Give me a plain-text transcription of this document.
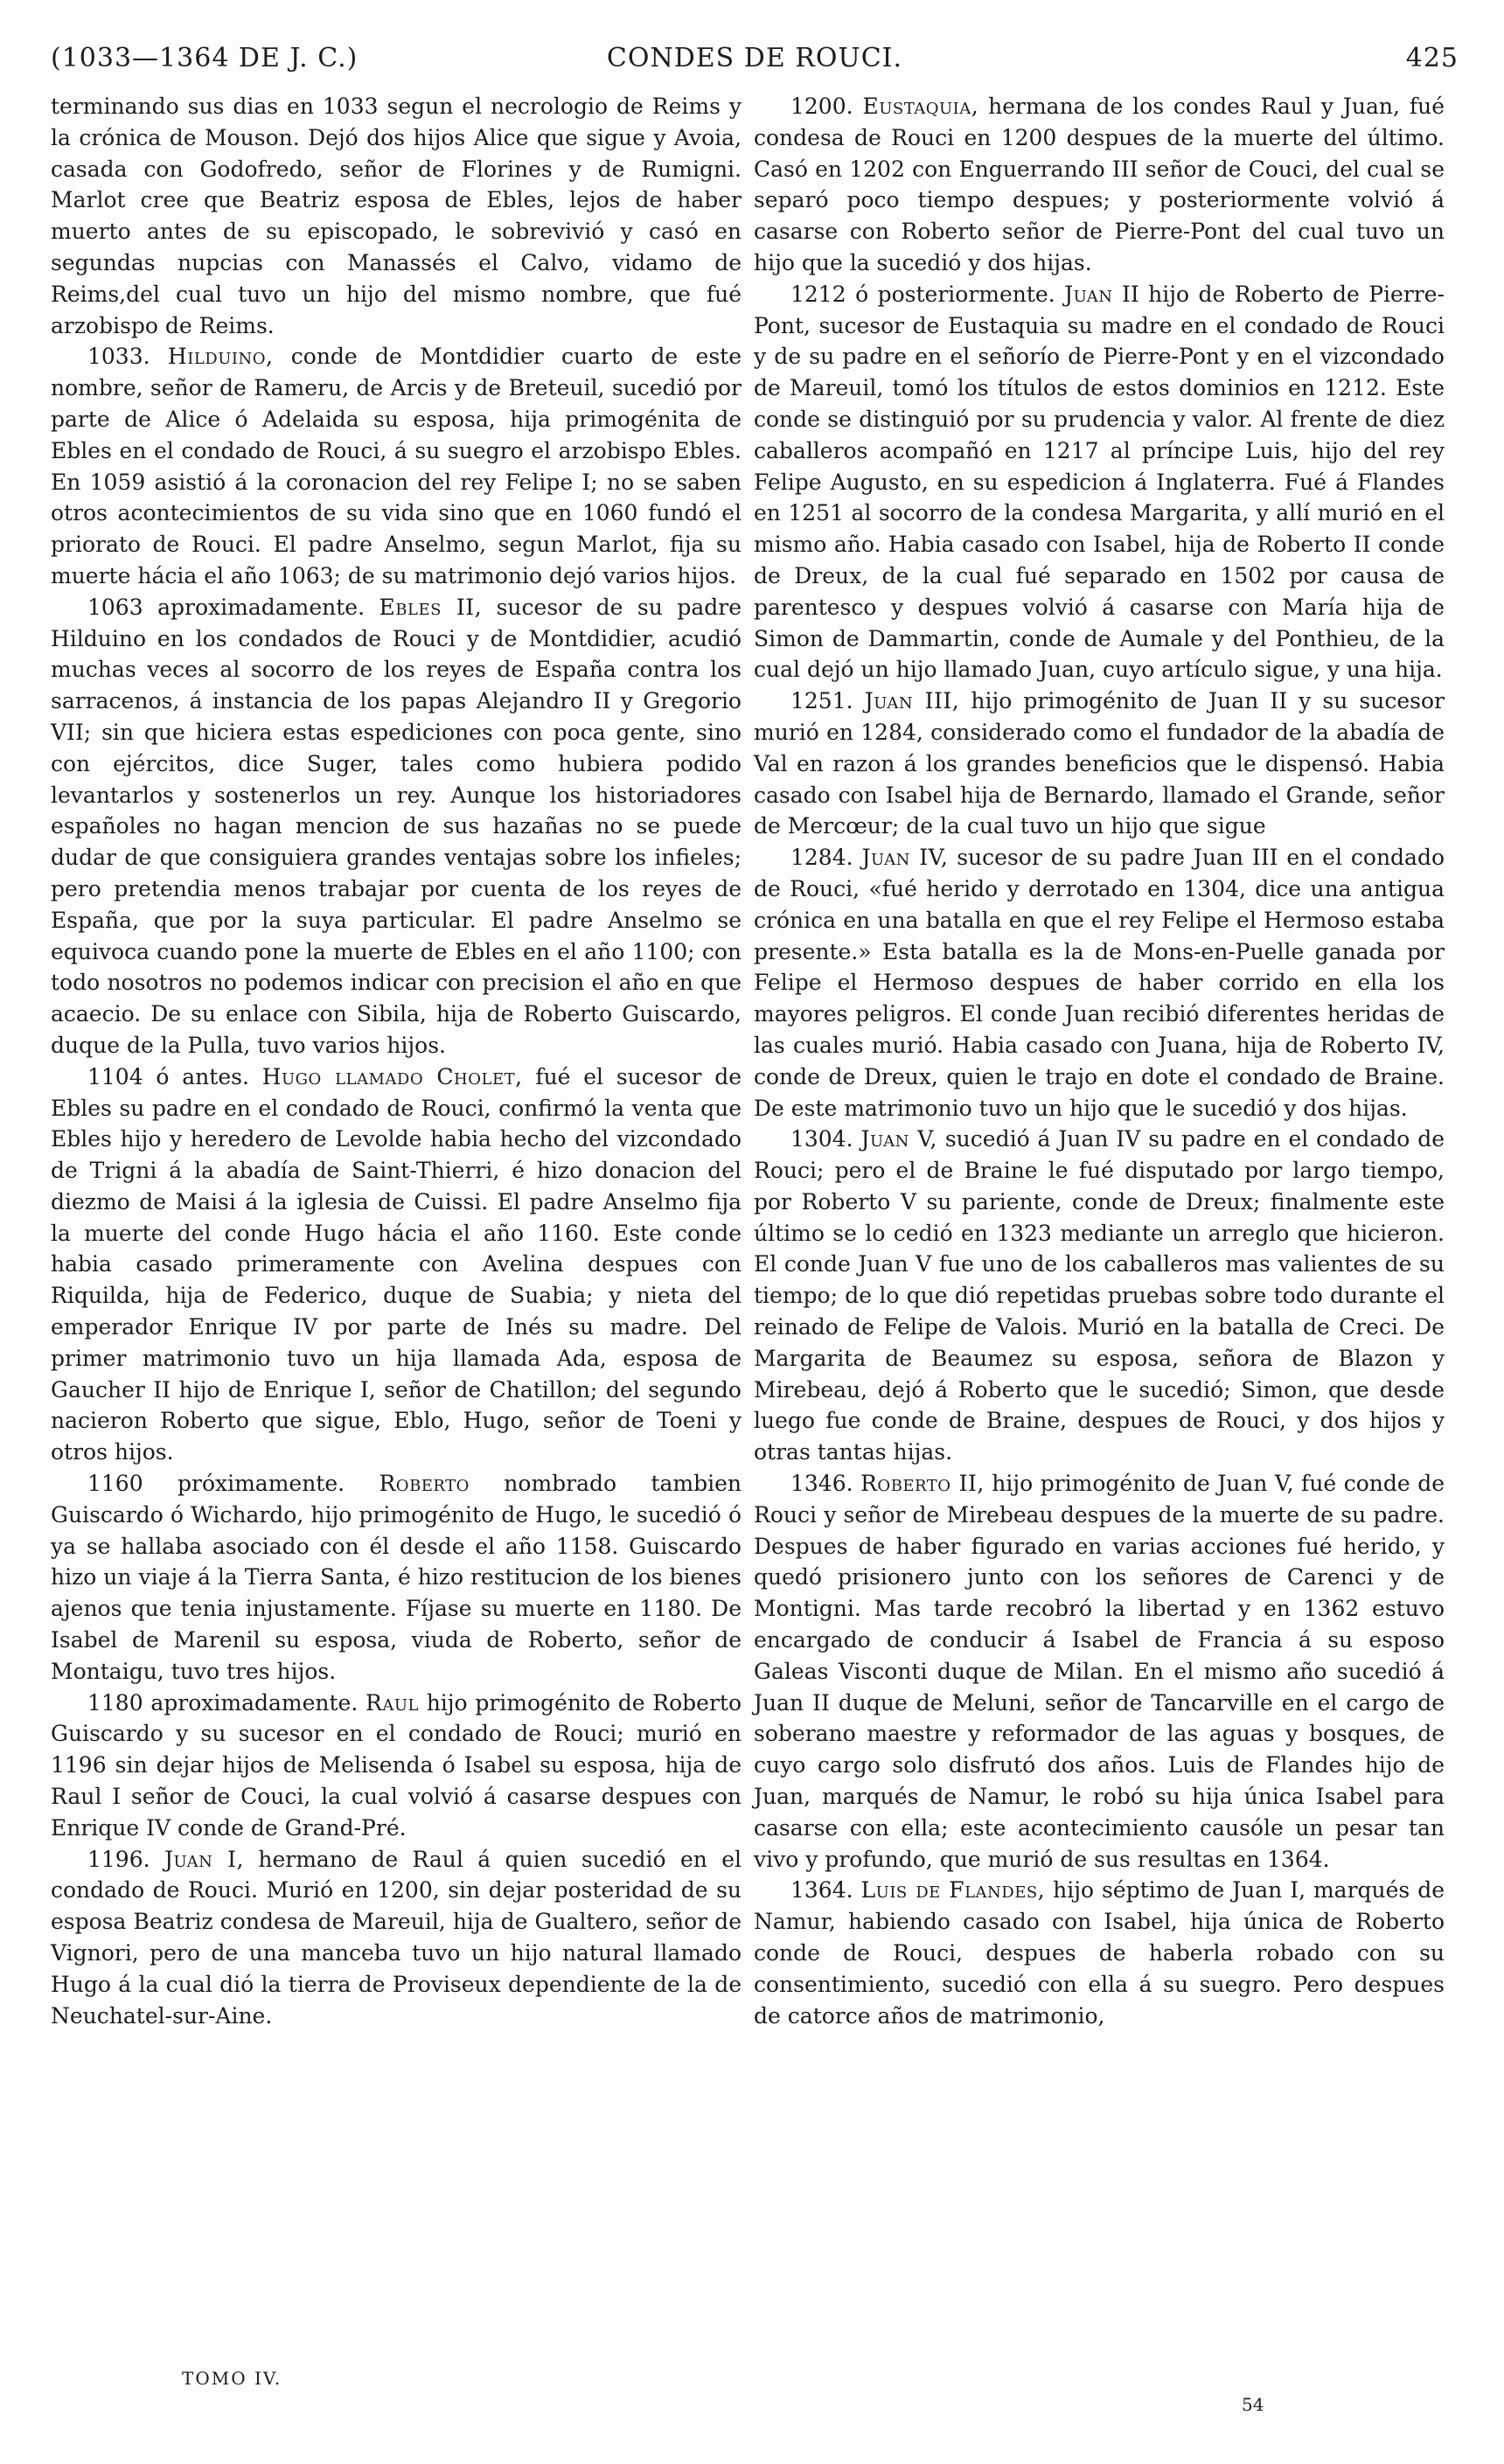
(1033—1364 DE J. C.)	CONDES DE ROUCI.	425

terminando sus dias en 1033 segun el necrologio de Reims y la crónica de Mouson. Dejó dos hijos Alice que sigue y Avoia, casada con Godofredo, señor de Florines y de Rumigni. Marlot cree que Beatriz esposa de Ebles, lejos de haber muerto antes de su episcopado, le sobrevivió y casó en segundas nupcias con Manassés el Calvo, vidamo de Reims,del cual tuvo un hijo del mismo nombre, que fué arzobispo de Reims.

1033. Hilduino, conde de Montdidier cuarto de este nombre, señor de Rameru, de Arcis y de Breteuil, sucedió por parte de Alice ó Adelaida su esposa, hija primogénita de Ebles en el condado de Rouci, á su suegro el arzobispo Ebles. En 1059 asistió á la coronacion del rey Felipe I; no se saben otros acontecimientos de su vida sino que en 1060 fundó el priorato de Rouci. El padre Anselmo, segun Marlot, fija su muerte hácia el año 1063; de su matrimonio dejó varios hijos.

1063 aproximadamente. Ebles II, sucesor de su padre Hilduino en los condados de Rouci y de Montdidier, acudió muchas veces al socorro de los reyes de España contra los sarracenos, á instancia de los papas Alejandro II y Gregorio VII; sin que hiciera estas espediciones con poca gente, sino con ejércitos, dice Suger, tales como hubiera podido levantarlos y sostenerlos un rey. Aunque los historiadores españoles no hagan mencion de sus hazañas no se puede dudar de que consiguiera grandes ventajas sobre los infieles; pero pretendia menos trabajar por cuenta de los reyes de España, que por la suya particular. El padre Anselmo se equivoca cuando pone la muerte de Ebles en el año 1100; con todo nosotros no podemos indicar con precision el año en que acaecio. De su enlace con Sibila, hija de Roberto Guiscardo, duque de la Pulla, tuvo varios hijos.

1104 ó antes. Hugo llamado Cholet, fué el sucesor de Ebles su padre en el condado de Rouci, confirmó la venta que Ebles hijo y heredero de Levolde habia hecho del vizcondado de Trigni á la abadía de Saint-Thierri, é hizo donacion del diezmo de Maisi á la iglesia de Cuissi. El padre Anselmo fija la muerte del conde Hugo hácia el año 1160. Este conde habia casado primeramente con Avelina despues con Riquilda, hija de Federico, duque de Suabia; y nieta del emperador Enrique IV por parte de Inés su madre. Del primer matrimonio tuvo un hija llamada Ada, esposa de Gaucher II hijo de Enrique I, señor de Chatillon; del segundo nacieron Roberto que sigue, Eblo, Hugo, señor de Toeni y otros hijos.

1160 próximamente. Roberto nombrado tambien Guiscardo ó Wichardo, hijo primogénito de Hugo, le sucedió ó ya se hallaba asociado con él desde el año 1158. Guiscardo hizo un viaje á la Tierra Santa, é hizo restitucion de los bienes ajenos que tenia injustamente. Fíjase su muerte en 1180. De Isabel de Marenil su esposa, viuda de Roberto, señor de Montaigu, tuvo tres hijos.

1180 aproximadamente. Raul hijo primogénito de Roberto Guiscardo y su sucesor en el condado de Rouci; murió en 1196 sin dejar hijos de Melisenda ó Isabel su esposa, hija de Raul I señor de Couci, la cual volvió á casarse despues con Enrique IV conde de Grand-Pré.

1196. Juan I, hermano de Raul á quien sucedió en el condado de Rouci. Murió en 1200, sin dejar posteridad de su esposa Beatriz condesa de Mareuil, hija de Gualtero, señor de Vignori, pero de una manceba tuvo un hijo natural llamado Hugo á la cual dió la tierra de Proviseux dependiente de la de Neuchatel-sur-Aine.

1200. Eustaquia, hermana de los condes Raul y Juan, fué condesa de Rouci en 1200 despues de la muerte del último. Casó en 1202 con Enguerrando III señor de Couci, del cual se separó poco tiempo despues; y posteriormente volvió á casarse con Roberto señor de Pierre-Pont del cual tuvo un hijo que la sucedió y dos hijas.

1212 ó posteriormente. Juan II hijo de Roberto de Pierre-Pont, sucesor de Eustaquia su madre en el condado de Rouci y de su padre en el señorío de Pierre-Pont y en el vizcondado de Mareuil, tomó los títulos de estos dominios en 1212. Este conde se distinguió por su prudencia y valor. Al frente de diez caballeros acompañó en 1217 al príncipe Luis, hijo del rey Felipe Augusto, en su espedicion á Inglaterra. Fué á Flandes en 1251 al socorro de la condesa Margarita, y allí murió en el mismo año. Habia casado con Isabel, hija de Roberto II conde de Dreux, de la cual fué separado en 1502 por causa de parentesco y despues volvió á casarse con María hija de Simon de Dammartin, conde de Aumale y del Ponthieu, de la cual dejó un hijo llamado Juan, cuyo artículo sigue, y una hija.

1251. Juan III, hijo primogénito de Juan II y su sucesor murió en 1284, considerado como el fundador de la abadía de Val en razon á los grandes beneficios que le dispensó. Habia casado con Isabel hija de Bernardo, llamado el Grande, señor de Mercœur; de la cual tuvo un hijo que sigue

1284. Juan IV, sucesor de su padre Juan III en el condado de Rouci, «fué herido y derrotado en 1304, dice una antigua crónica en una batalla en que el rey Felipe el Hermoso estaba presente.» Esta batalla es la de Mons-en-Puelle ganada por Felipe el Hermoso despues de haber corrido en ella los mayores peligros. El conde Juan recibió diferentes heridas de las cuales murió. Habia casado con Juana, hija de Roberto IV, conde de Dreux, quien le trajo en dote el condado de Braine. De este matrimonio tuvo un hijo que le sucedió y dos hijas.

1304. Juan V, sucedió á Juan IV su padre en el condado de Rouci; pero el de Braine le fué disputado por largo tiempo, por Roberto V su pariente, conde de Dreux; finalmente este último se lo cedió en 1323 mediante un arreglo que hicieron. El conde Juan V fue uno de los caballeros mas valientes de su tiempo; de lo que dió repetidas pruebas sobre todo durante el reinado de Felipe de Valois. Murió en la batalla de Creci. De Margarita de Beaumez su esposa, señora de Blazon y Mirebeau, dejó á Roberto que le sucedió; Simon, que desde luego fue conde de Braine, despues de Rouci, y dos hijos y otras tantas hijas.

1346. Roberto II, hijo primogénito de Juan V, fué conde de Rouci y señor de Mirebeau despues de la muerte de su padre. Despues de haber figurado en varias acciones fué herido, y quedó prisionero junto con los señores de Carenci y de Montigni. Mas tarde recobró la libertad y en 1362 estuvo encargado de conducir á Isabel de Francia á su esposo Galeas Visconti duque de Milan. En el mismo año sucedió á Juan II duque de Meluni, señor de Tancarville en el cargo de soberano maestre y reformador de las aguas y bosques, de cuyo cargo solo disfrutó dos años. Luis de Flandes hijo de Juan, marqués de Namur, le robó su hija única Isabel para casarse con ella; este acontecimiento causóle un pesar tan vivo y profundo, que murió de sus resultas en 1364.

1364. Luis de Flandes, hijo séptimo de Juan I, marqués de Namur, habiendo casado con Isabel, hija única de Roberto conde de Rouci, despues de haberla robado con su consentimiento, sucedió con ella á su suegro. Pero despues de catorce años de matrimonio,

TOMO IV.
54
